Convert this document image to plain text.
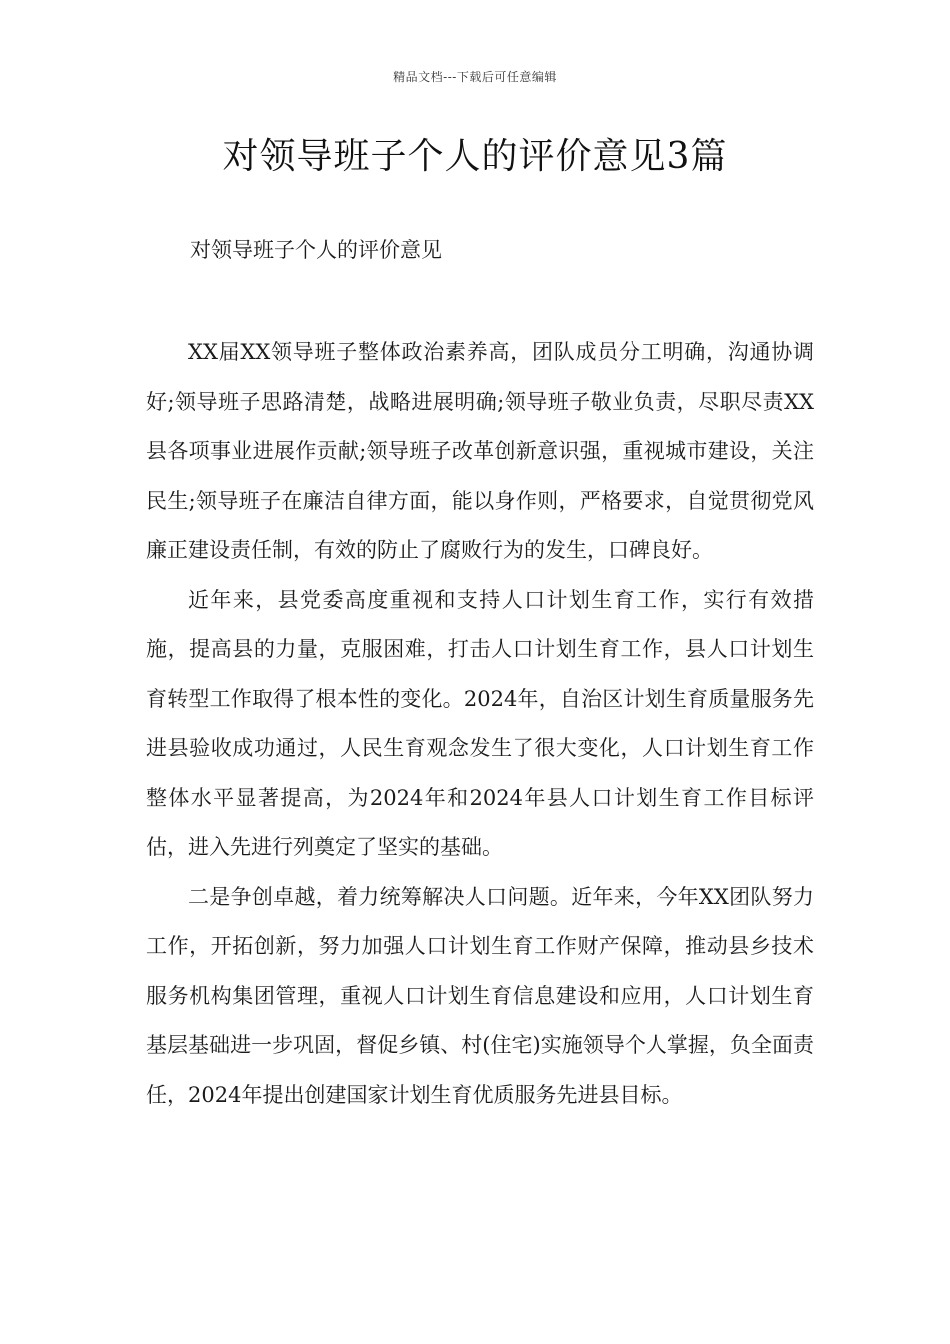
精品文档---下载后可任意编辑
对领导班子个人的评价意见3篇
对领导班子个人的评价意见

XX届XX领导班子整体政治素养高，团队成员分工明确，沟通协调好;领导班子思路清楚，战略进展明确;领导班子敬业负责，尽职尽责XX县各项事业进展作贡献;领导班子改革创新意识强，重视城市建设，关注民生;领导班子在廉洁自律方面，能以身作则，严格要求，自觉贯彻党风廉正建设责任制，有效的防止了腐败行为的发生，口碑良好。

近年来，县党委高度重视和支持人口计划生育工作，实行有效措施，提高县的力量，克服困难，打击人口计划生育工作，县人口计划生育转型工作取得了根本性的变化。2024年，自治区计划生育质量服务先进县验收成功通过，人民生育观念发生了很大变化，人口计划生育工作整体水平显著提高，为2024年和2024年县人口计划生育工作目标评估，进入先进行列奠定了坚实的基础。

二是争创卓越，着力统筹解决人口问题。近年来，今年XX团队努力工作，开拓创新，努力加强人口计划生育工作财产保障，推动县乡技术服务机构集团管理，重视人口计划生育信息建设和应用，人口计划生育基层基础进一步巩固，督促乡镇、村(住宅)实施领导个人掌握，负全面责任，2024年提出创建国家计划生育优质服务先进县目标。
